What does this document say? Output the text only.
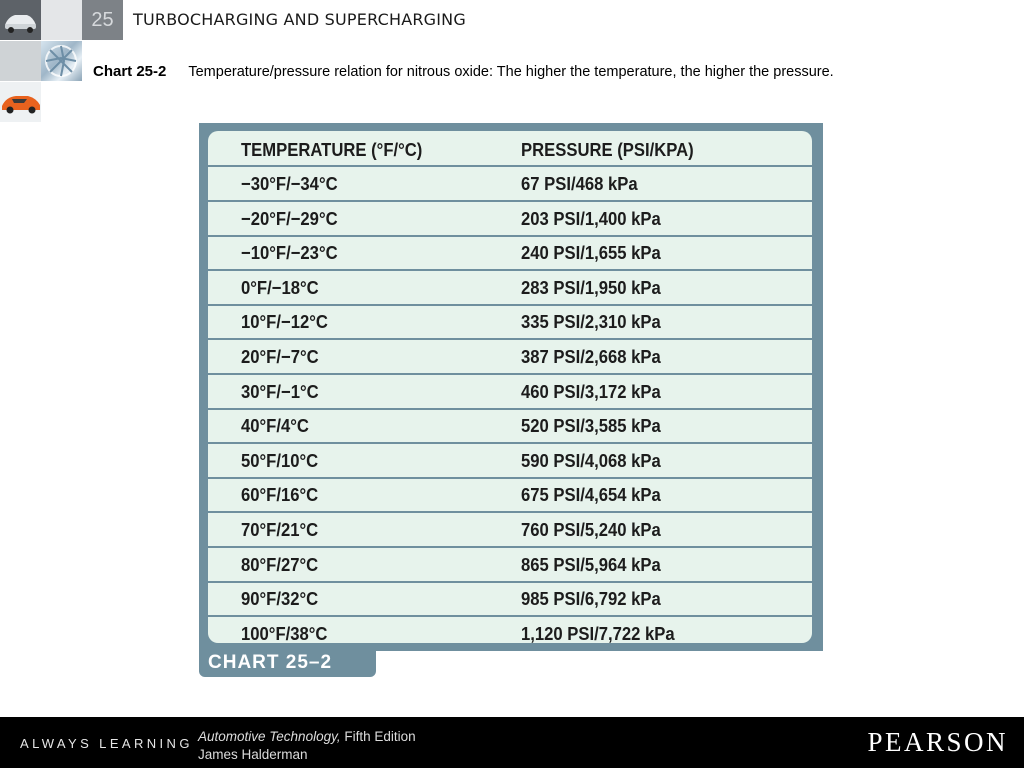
25	TURBOCHARGING AND SUPERCHARGING
Chart 25-2 Temperature/pressure relation for nitrous oxide: The higher the temperature, the higher the pressure.
TEMPERATURE (°F/°C)	PRESSURE (PSI/KPA)
−30°F/−34°C	67 PSI/468 kPa
−20°F/−29°C	203 PSI/1,400 kPa
−10°F/−23°C	240 PSI/1,655 kPa
0°F/−18°C	283 PSI/1,950 kPa
10°F/−12°C	335 PSI/2,310 kPa
20°F/−7°C	387 PSI/2,668 kPa
30°F/−1°C	460 PSI/3,172 kPa
40°F/4°C	520 PSI/3,585 kPa
50°F/10°C	590 PSI/4,068 kPa
60°F/16°C	675 PSI/4,654 kPa
70°F/21°C	760 PSI/5,240 kPa
80°F/27°C	865 PSI/5,964 kPa
90°F/32°C	985 PSI/6,792 kPa
100°F/38°C	1,120 PSI/7,722 kPa
CHART 25–2
ALWAYS LEARNING Automotive Technology, Fifth Edition
James Halderman	PEARSON
